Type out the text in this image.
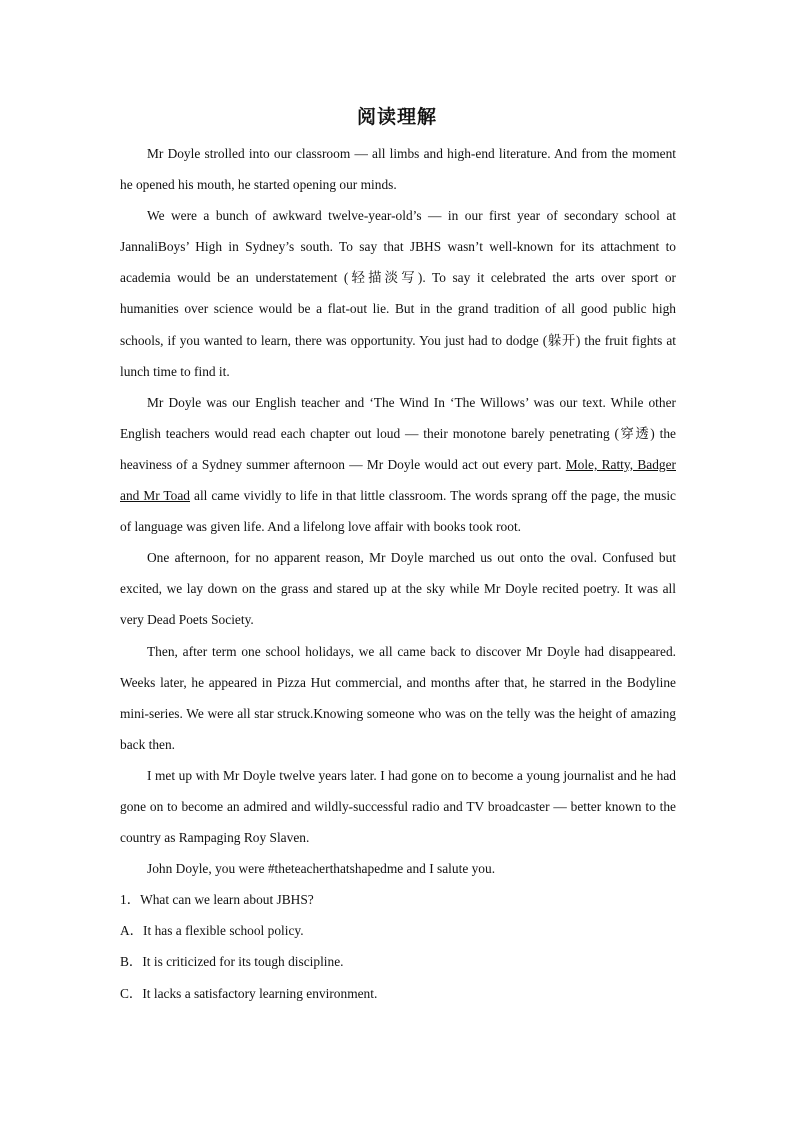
阅读理解

Mr Doyle strolled into our classroom — all limbs and high-end literature. And from the moment he opened his mouth, he started opening our minds.

We were a bunch of awkward twelve-year-old’s — in our first year of secondary school at JannaliBoys’ High in Sydney’s south. To say that JBHS wasn’t well-known for its attachment to academia would be an understatement (轻描淡写). To say it celebrated the arts over sport or humanities over science would be a flat-out lie. But in the grand tradition of all good public high schools, if you wanted to learn, there was opportunity. You just had to dodge (躲开) the fruit fights at lunch time to find it.

Mr Doyle was our English teacher and ‘The Wind In ‘The Willows’ was our text. While other English teachers would read each chapter out loud — their monotone barely penetrating (穿透) the heaviness of a Sydney summer afternoon — Mr Doyle would act out every part. Mole, Ratty, Badger and Mr Toad all came vividly to life in that little classroom. The words sprang off the page, the music of language was given life. And a lifelong love affair with books took root.

One afternoon, for no apparent reason, Mr Doyle marched us out onto the oval. Confused but excited, we lay down on the grass and stared up at the sky while Mr Doyle recited poetry. It was all very Dead Poets Society.

Then, after term one school holidays, we all came back to discover Mr Doyle had disappeared. Weeks later, he appeared in Pizza Hut commercial, and months after that, he starred in the Bodyline mini-series. We were all star struck.Knowing someone who was on the telly was the height of amazing back then.

I met up with Mr Doyle twelve years later. I had gone on to become a young journalist and he had gone on to become an admired and wildly-successful radio and TV broadcaster — better known to the country as Rampaging Roy Slaven.

John Doyle, you were #theteacherthatshapedme and I salute you.

1．What can we learn about JBHS?

A．It has a flexible school policy.

B．It is criticized for its tough discipline.

C．It lacks a satisfactory learning environment.
